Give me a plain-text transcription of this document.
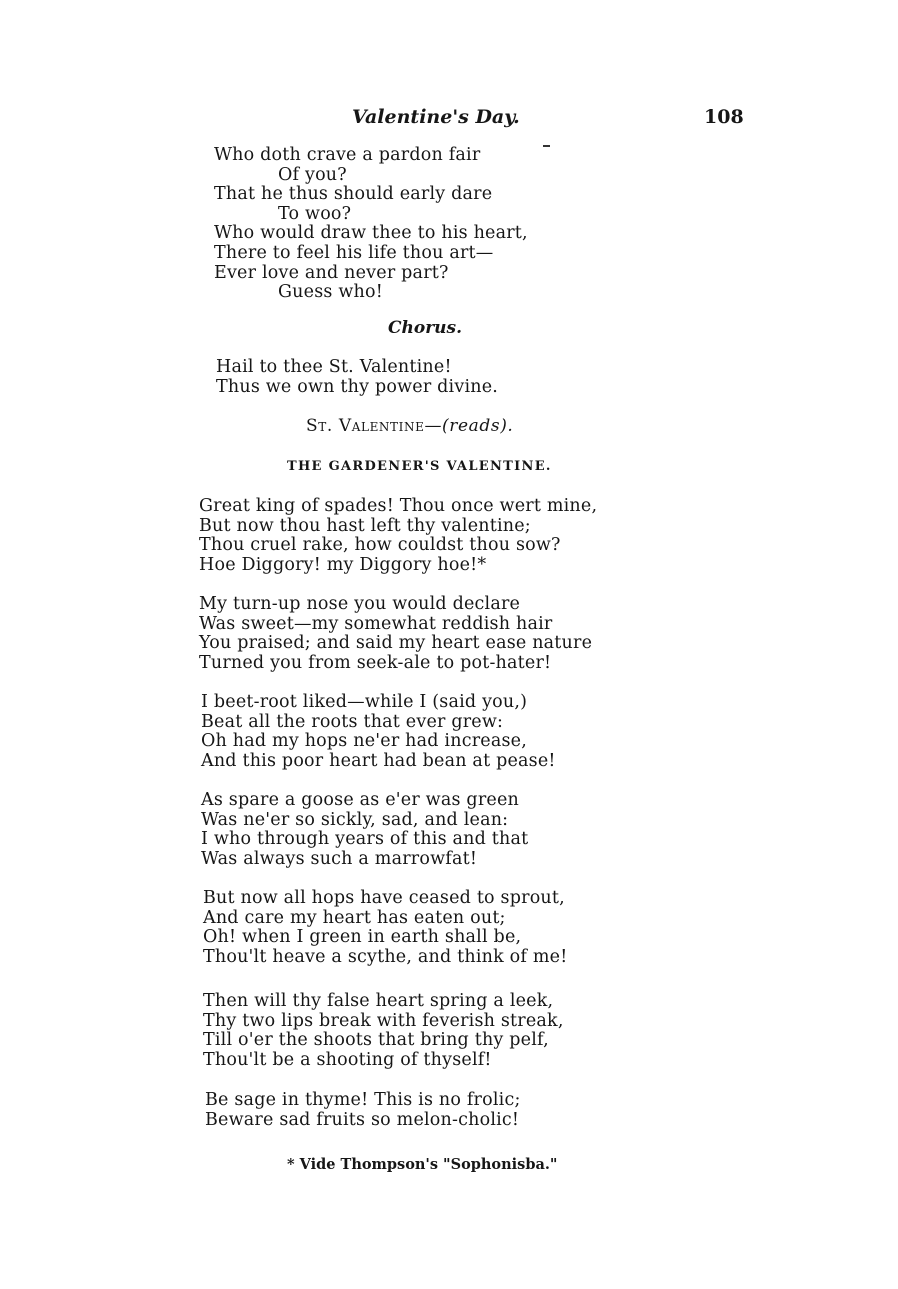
Valentine's Day.	108
Who doth crave a pardon fair
Of you?
That he thus should early dare
To woo?
Who would draw thee to his heart,
There to feel his life thou art—
Ever love and never part?
Guess who!
Chorus.
Hail to thee St. Valentine!
Thus we own thy power divine.
St. Valentine—(reads).
THE GARDENER'S VALENTINE.
Great king of spades! Thou once wert mine,
But now thou hast left thy valentine;
Thou cruel rake, how couldst thou sow?
Hoe Diggory! my Diggory hoe!*
My turn-up nose you would declare
Was sweet—my somewhat reddish hair
You praised; and said my heart ease nature
Turned you from seek-ale to pot-hater!
I beet-root liked—while I (said you,)
Beat all the roots that ever grew:
Oh had my hops ne'er had increase,
And this poor heart had bean at pease!
As spare a goose as e'er was green
Was ne'er so sickly, sad, and lean:
I who through years of this and that
Was always such a marrowfat!
But now all hops have ceased to sprout,
And care my heart has eaten out;
Oh! when I green in earth shall be,
Thou'lt heave a scythe, and think of me!
Then will thy false heart spring a leek,
Thy two lips break with feverish streak,
Till o'er the shoots that bring thy pelf,
Thou'lt be a shooting of thyself!
Be sage in thyme! This is no frolic;
Beware sad fruits so melon-cholic!
* Vide Thompson's "Sophonisba."
